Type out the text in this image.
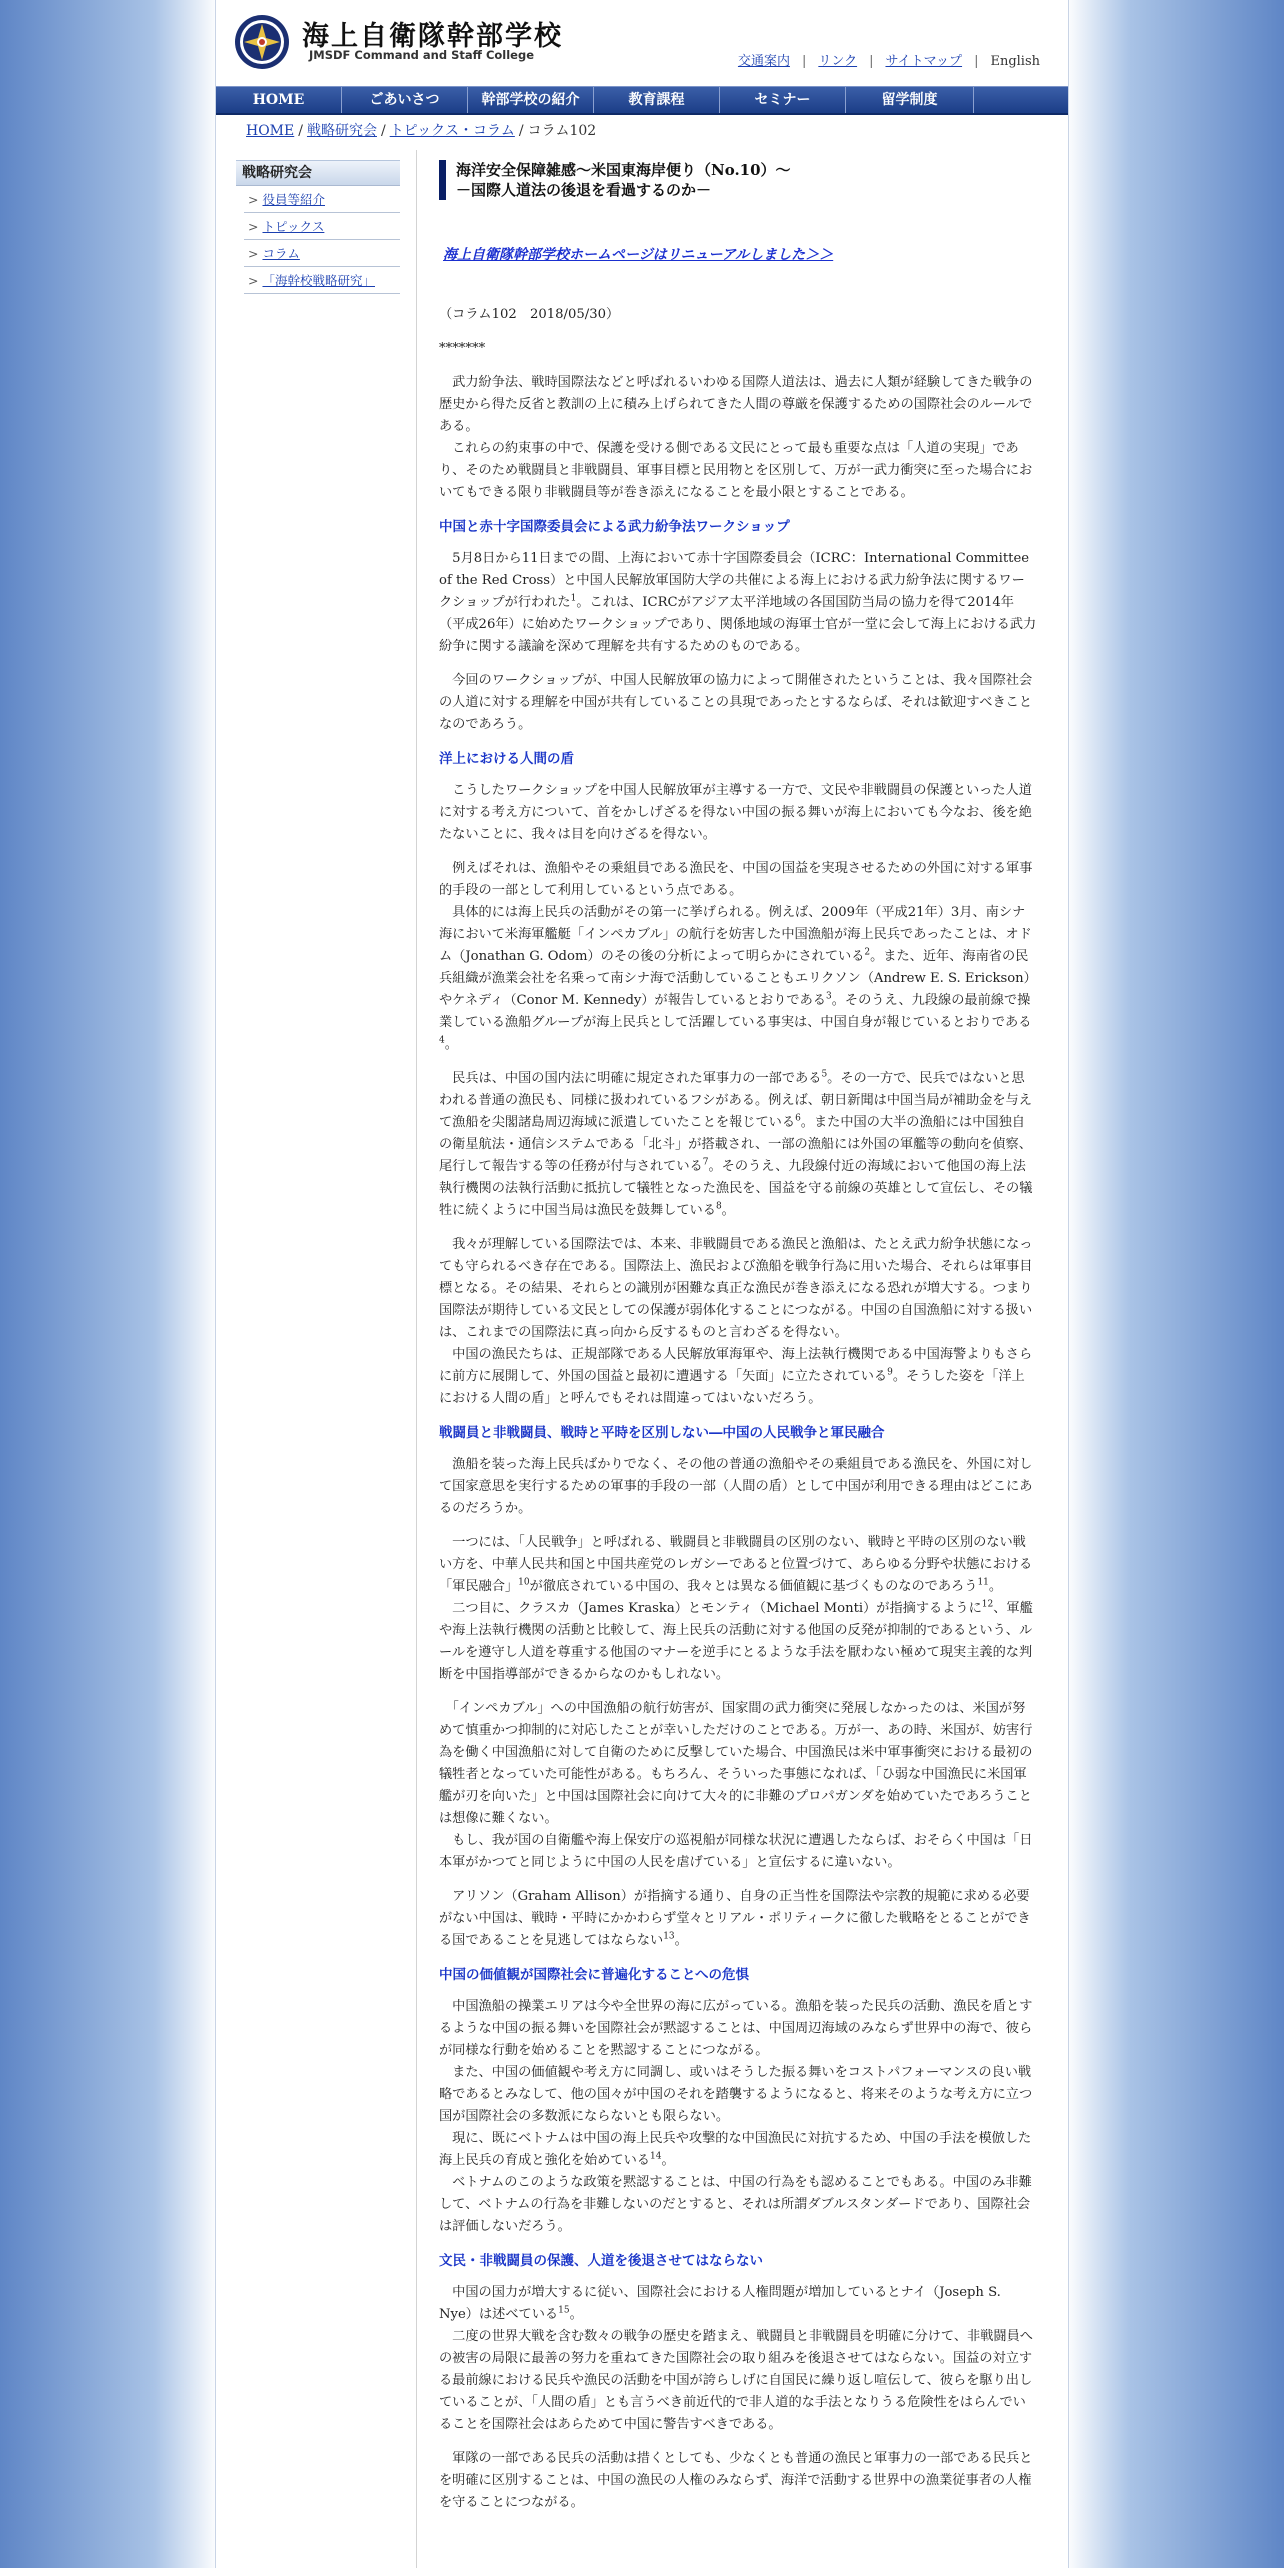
海上自衛隊幹部学校
JMSDF Command and Staff College	交通案内 | リンク | サイトマップ | English
HOME	ごあいさつ	幹部学校の紹介	教育課程	セミナー	留学制度
HOME / 戦略研究会 / トピックス・コラム / コラム102
戦略研究会
> 役員等紹介
> トピックス
> コラム
> 「海幹校戦略研究」
海洋安全保障雑感～米国東海岸便り（No.10）～
－国際人道法の後退を看過するのか－
海上自衛隊幹部学校ホームページはリニューアルしました＞＞
（コラム102　2018/05/30）
*******

　武力紛争法、戦時国際法などと呼ばれるいわゆる国際人道法は、過去に人類が経験してきた戦争の歴史から得た反省と教訓の上に積み上げられてきた人間の尊厳を保護するための国際社会のルールである。
　これらの約束事の中で、保護を受ける側である文民にとって最も重要な点は「人道の実現」であり、そのため戦闘員と非戦闘員、軍事目標と民用物とを区別して、万が一武力衝突に至った場合においてもできる限り非戦闘員等が巻き添えになることを最小限とすることである。

中国と赤十字国際委員会による武力紛争法ワークショップ

　5月8日から11日までの間、上海において赤十字国際委員会（ICRC：International Committee of the Red Cross）と中国人民解放軍国防大学の共催による海上における武力紛争法に関するワークショップが行われた$^1$。これは、ICRCがアジア太平洋地域の各国国防当局の協力を得て2014年（平成26年）に始めたワークショップであり、関係地域の海軍士官が一堂に会して海上における武力紛争に関する議論を深めて理解を共有するためのものである。

　今回のワークショップが、中国人民解放軍の協力によって開催されたということは、我々国際社会の人道に対する理解を中国が共有していることの具現であったとするならば、それは歓迎すべきことなのであろう。

洋上における人間の盾

　こうしたワークショップを中国人民解放軍が主導する一方で、文民や非戦闘員の保護といった人道に対する考え方について、首をかしげざるを得ない中国の振る舞いが海上においても今なお、後を絶たないことに、我々は目を向けざるを得ない。

　例えばそれは、漁船やその乗組員である漁民を、中国の国益を実現させるための外国に対する軍事的手段の一部として利用しているという点である。
　具体的には海上民兵の活動がその第一に挙げられる。例えば、2009年（平成21年）3月、南シナ海において米海軍艦艇「インペカブル」の航行を妨害した中国漁船が海上民兵であったことは、オドム（Jonathan G. Odom）のその後の分析によって明らかにされている$^2$。また、近年、海南省の民兵組織が漁業会社を名乗って南シナ海で活動していることもエリクソン（Andrew E. S. Erickson）やケネディ（Conor M. Kennedy）が報告しているとおりである$^3$。そのうえ、九段線の最前線で操業している漁船グループが海上民兵として活躍している事実は、中国自身が報じているとおりである$^4$。

　民兵は、中国の国内法に明確に規定された軍事力の一部である$^5$。その一方で、民兵ではないと思われる普通の漁民も、同様に扱われているフシがある。例えば、朝日新聞は中国当局が補助金を与えて漁船を尖閣諸島周辺海域に派遣していたことを報じている$^6$。また中国の大半の漁船には中国独自の衛星航法・通信システムである「北斗」が搭載され、一部の漁船には外国の軍艦等の動向を偵察、尾行して報告する等の任務が付与されている$^7$。そのうえ、九段線付近の海域において他国の海上法執行機関の法執行活動に抵抗して犠牲となった漁民を、国益を守る前線の英雄として宣伝し、その犠牲に続くように中国当局は漁民を鼓舞している$^8$。

　我々が理解している国際法では、本来、非戦闘員である漁民と漁船は、たとえ武力紛争状態になっても守られるべき存在である。国際法上、漁民および漁船を戦争行為に用いた場合、それらは軍事目標となる。その結果、それらとの識別が困難な真正な漁民が巻き添えになる恐れが増大する。つまり国際法が期待している文民としての保護が弱体化することにつながる。中国の自国漁船に対する扱いは、これまでの国際法に真っ向から反するものと言わざるを得ない。
　中国の漁民たちは、正規部隊である人民解放軍海軍や、海上法執行機関である中国海警よりもさらに前方に展開して、外国の国益と最初に遭遇する「矢面」に立たされている$^9$。そうした姿を「洋上における人間の盾」と呼んでもそれは間違ってはいないだろう。

戦闘員と非戦闘員、戦時と平時を区別しない―中国の人民戦争と軍民融合

　漁船を装った海上民兵ばかりでなく、その他の普通の漁船やその乗組員である漁民を、外国に対して国家意思を実行するための軍事的手段の一部（人間の盾）として中国が利用できる理由はどこにあるのだろうか。

　一つには、「人民戦争」と呼ばれる、戦闘員と非戦闘員の区別のない、戦時と平時の区別のない戦い方を、中華人民共和国と中国共産党のレガシーであると位置づけて、あらゆる分野や状態における「軍民融合」$^{10}$が徹底されている中国の、我々とは異なる価値観に基づくものなのであろう$^{11}$。
　二つ目に、クラスカ（James Kraska）とモンティ（Michael Monti）が指摘するように$^{12}$、軍艦や海上法執行機関の活動と比較して、海上民兵の活動に対する他国の反発が抑制的であるという、ルールを遵守し人道を尊重する他国のマナーを逆手にとるような手法を厭わない極めて現実主義的な判断を中国指導部ができるからなのかもしれない。

　「インペカブル」への中国漁船の航行妨害が、国家間の武力衝突に発展しなかったのは、米国が努めて慎重かつ抑制的に対応したことが幸いしただけのことである。万が一、あの時、米国が、妨害行為を働く中国漁船に対して自衛のために反撃していた場合、中国漁民は米中軍事衝突における最初の犠牲者となっていた可能性がある。もちろん、そういった事態になれば、「ひ弱な中国漁民に米国軍艦が刃を向いた」と中国は国際社会に向けて大々的に非難のプロパガンダを始めていたであろうことは想像に難くない。
　もし、我が国の自衛艦や海上保安庁の巡視船が同様な状況に遭遇したならば、おそらく中国は「日本軍がかつてと同じように中国の人民を虐げている」と宣伝するに違いない。

　アリソン（Graham Allison）が指摘する通り、自身の正当性を国際法や宗教的規範に求める必要がない中国は、戦時・平時にかかわらず堂々とリアル・ポリティークに徹した戦略をとることができる国であることを見逃してはならない$^{13}$。

中国の価値観が国際社会に普遍化することへの危惧

　中国漁船の操業エリアは今や全世界の海に広がっている。漁船を装った民兵の活動、漁民を盾とするような中国の振る舞いを国際社会が黙認することは、中国周辺海域のみならず世界中の海で、彼らが同様な行動を始めることを黙認することにつながる。
　また、中国の価値観や考え方に同調し、或いはそうした振る舞いをコストパフォーマンスの良い戦略であるとみなして、他の国々が中国のそれを踏襲するようになると、将来そのような考え方に立つ国が国際社会の多数派にならないとも限らない。
　現に、既にベトナムは中国の海上民兵や攻撃的な中国漁民に対抗するため、中国の手法を模倣した海上民兵の育成と強化を始めている$^{14}$。
　ベトナムのこのような政策を黙認することは、中国の行為をも認めることでもある。中国のみ非難して、ベトナムの行為を非難しないのだとすると、それは所謂ダブルスタンダードであり、国際社会は評価しないだろう。

文民・非戦闘員の保護、人道を後退させてはならない

　中国の国力が増大するに従い、国際社会における人権問題が増加しているとナイ（Joseph S. Nye）は述べている$^{15}$。
　二度の世界大戦を含む数々の戦争の歴史を踏まえ、戦闘員と非戦闘員を明確に分けて、非戦闘員への被害の局限に最善の努力を重ねてきた国際社会の取り組みを後退させてはならない。国益の対立する最前線における民兵や漁民の活動を中国が誇らしげに自国民に繰り返し喧伝して、彼らを駆り出していることが、「人間の盾」とも言うべき前近代的で非人道的な手法となりうる危険性をはらんでいることを国際社会はあらためて中国に警告すべきである。

　軍隊の一部である民兵の活動は措くとしても、少なくとも普通の漁民と軍事力の一部である民兵とを明確に区別することは、中国の漁民の人権のみならず、海洋で活動する世界中の漁業従事者の人権を守ることにつながる。
